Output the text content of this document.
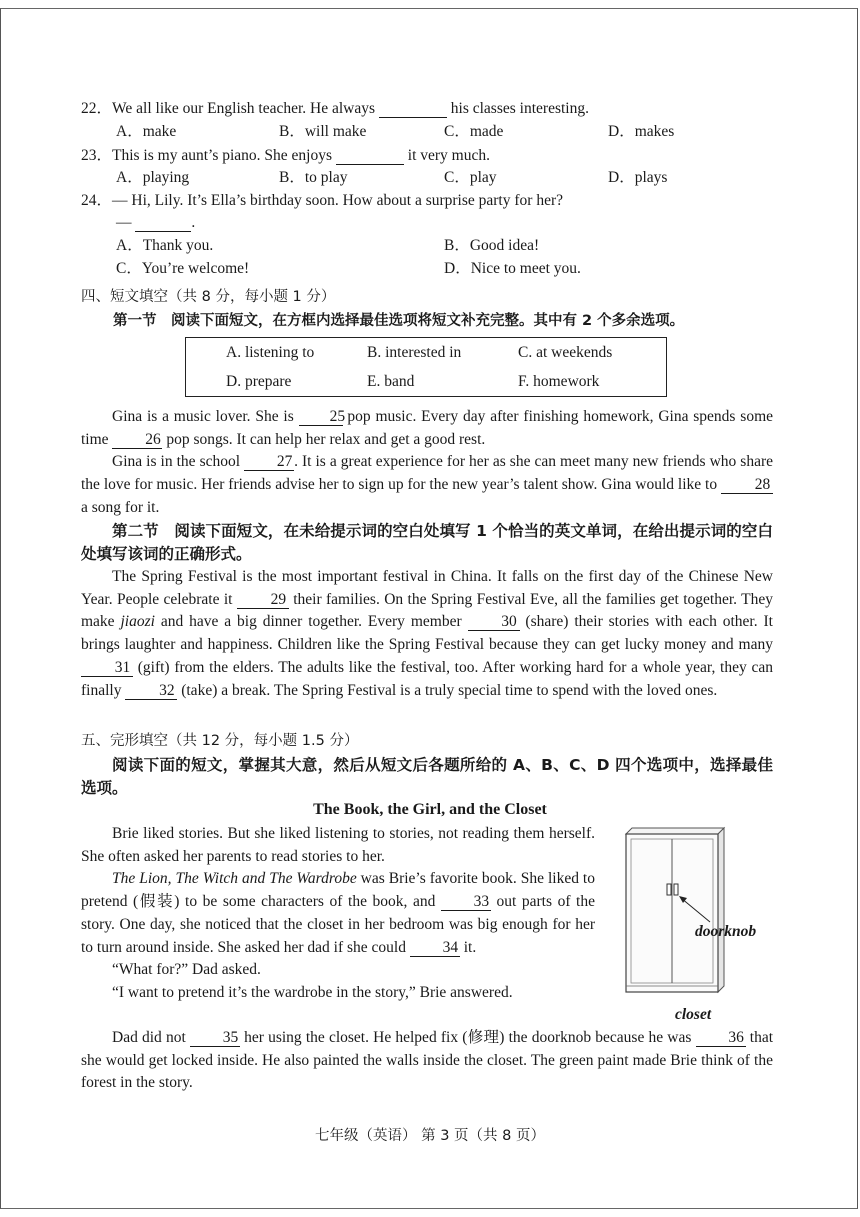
22．We all like our English teacher. He always	his classes interesting.
A．make	B．will make	C．made	D．makes
23．This is my aunt’s piano. She enjoys	it very much.
A．playing	B．to play	C．play	D．plays
24．— Hi, Lily. It’s Ella’s birthday soon. How about a surprise party for her?
—	.
A．Thank you.	B．Good idea!
C．You’re welcome!	D．Nice to meet you.
四、短文填空（共 8 分，每小题 1 分）
第一节　阅读下面短文，在方框内选择最佳选项将短文补充完整。其中有 2 个多余选项。
A. listening to	B. interested in	C. at weekends
D. prepare	E. band	F. homework

Gina is a music lover. She is 25 pop music. Every day after finishing homework, Gina spends some time 26 pop songs. It can help her relax and get a good rest.

Gina is in the school 27 . It is a great experience for her as she can meet many new friends who share the love for music. Her friends advise her to sign up for the new year’s talent show. Gina would like to 28 a song for it.

第二节　阅读下面短文，在未给提示词的空白处填写 1 个恰当的英文单词，在给出提示词的空白处填写该词的正确形式。

The Spring Festival is the most important festival in China. It falls on the first day of the Chinese New Year. People celebrate it 29 their families. On the Spring Festival Eve, all the families get together. They make jiaozi and have a big dinner together. Every member 30 (share) their stories with each other. It brings laughter and happiness. Children like the Spring Festival because they can get lucky money and many 31 (gift) from the elders. The adults like the festival, too. After working hard for a whole year, they can finally 32 (take) a break. The Spring Festival is a truly special time to spend with the loved ones.

五、完形填空（共 12 分，每小题 1.5 分）

阅读下面的短文，掌握其大意，然后从短文后各题所给的 A、B、C、D 四个选项中，选择最佳选项。

The Book, the Girl, and the Closet

Brie liked stories. But she liked listening to stories, not reading them herself. She often asked her parents to read stories to her.

The Lion, The Witch and The Wardrobe was Brie’s favorite book. She liked to pretend (假装) to be some characters of the book, and 33 out parts of the story. One day, she noticed that the closet in her bedroom was big enough for her to turn around inside. She asked her dad if she could 34 it.

“What for?” Dad asked.

“I want to pretend it’s the wardrobe in the story,” Brie answered.

Dad did not 35 her using the closet. He helped fix (修理) the doorknob because he was 36 that she would get locked inside. He also painted the walls inside the closet. The green paint made Brie think of the forest in the story.

doorknob
closet
七年级（英语） 第 3 页（共 8 页）
